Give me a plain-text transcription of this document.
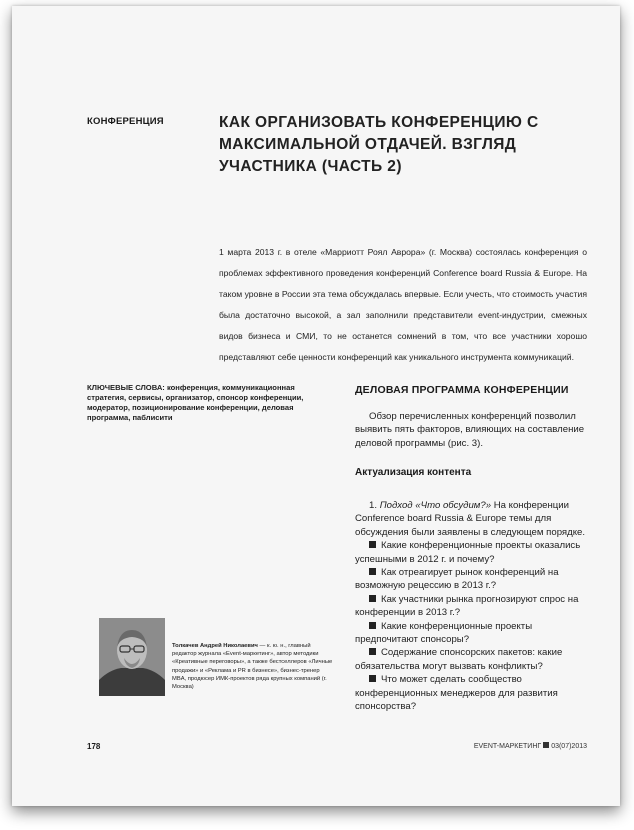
КОНФЕРЕНЦИЯ	КАК ОРГАНИЗОВАТЬ КОНФЕРЕНЦИЮ С МАКСИМАЛЬНОЙ ОТДАЧЕЙ. ВЗГЛЯД УЧАСТНИКА (ЧАСТЬ 2)
1 марта 2013 г. в отеле «Марриотт Роял Аврора» (г. Москва) состоялась конференция о проблемах эффективного проведения конференций Conference board Russia & Europe. На таком уровне в России эта тема обсуждалась впервые. Если учесть, что стоимость участия была достаточно высокой, а зал заполнили представители event-индустрии, смежных видов бизнеса и СМИ, то не останется сомнений в том, что все участники хорошо представляют себе ценности конференций как уникального инструмента коммуникаций.
КЛЮЧЕВЫЕ СЛОВА: конференция, коммуникационная стратегия, сервисы, организатор, спонсор конференции, модератор, позиционирование конференции, деловая программа, паблисити
ДЕЛОВАЯ ПРОГРАММА КОНФЕРЕНЦИИ
Обзор перечисленных конференций позволил выявить пять факторов, влияющих на составление деловой программы (рис. 3).
Актуализация контента
1. Подход «Что обсудим?» На конференции Conference board Russia & Europe темы для обсуждения были заявлены в следующем порядке.
Какие конференционные проекты оказались успешными в 2012 г. и почему?
Как отреагирует рынок конференций на возможную рецессию в 2013 г.?
Как участники рынка прогнозируют спрос на конференции в 2013 г.?
Какие конференционные проекты предпочитают спонсоры?
Содержание спонсорских пакетов: какие обязательства могут вызвать конфликты?
Что может сделать сообщество конференционных менеджеров для развития спонсорства?
Толкачев Андрей Николаевич — к. ю. н., главный редактор журнала «Event-маркетинг», автор методики «Креативные переговоры», а также бестселлеров «Личные продажи» и «Реклама и PR в бизнесе», бизнес-тренер MBA, продюсер ИМК-проектов ряда крупных компаний (г. Москва)
178	EVENT-МАРКЕТИНГ 03(07)2013
